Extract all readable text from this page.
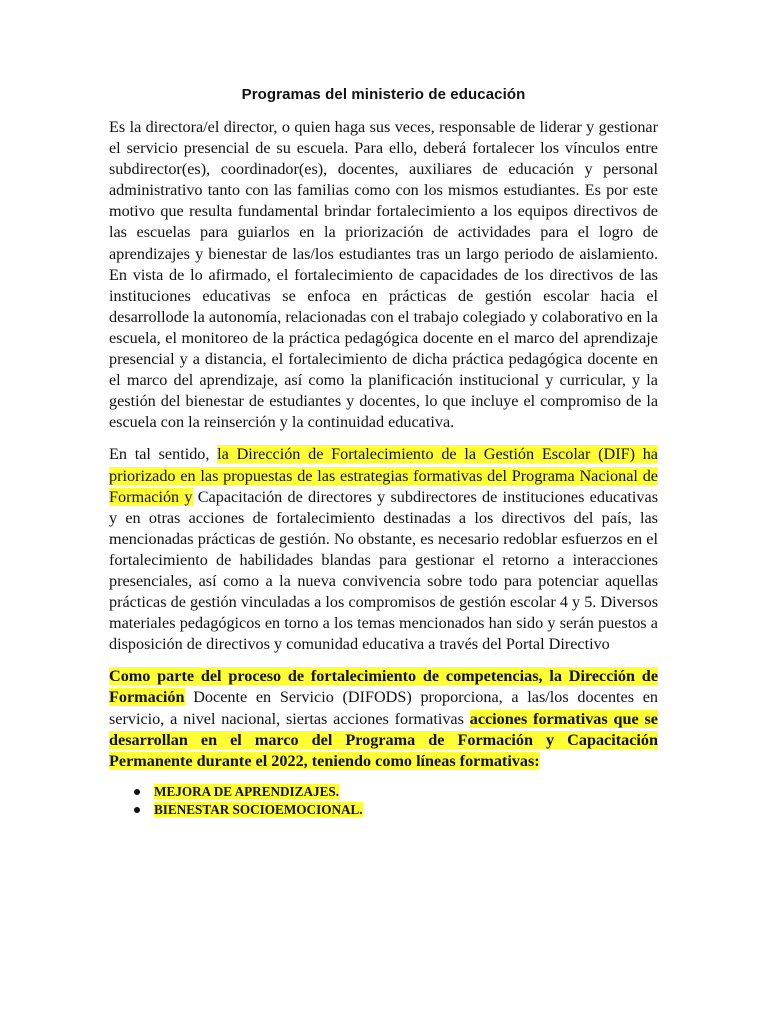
Programas del ministerio de educación

Es la directora/el director, o quien haga sus veces, responsable de liderar y gestionar el servicio presencial de su escuela. Para ello, deberá fortalecer los vínculos entre subdirector(es), coordinador(es), docentes, auxiliares de educación y personal administrativo tanto con las familias como con los mismos estudiantes. Es por este motivo que resulta fundamental brindar fortalecimiento a los equipos directivos de las escuelas para guiarlos en la priorización de actividades para el logro de aprendizajes y bienestar de las/los estudiantes tras un largo periodo de aislamiento. En vista de lo afirmado, el fortalecimiento de capacidades de los directivos de las instituciones educativas se enfoca en prácticas de gestión escolar hacia el desarrollode la autonomía, relacionadas con el trabajo colegiado y colaborativo en la escuela, el monitoreo de la práctica pedagógica docente en el marco del aprendizaje presencial y a distancia, el fortalecimiento de dicha práctica pedagógica docente en el marco del aprendizaje, así como la planificación institucional y curricular, y la gestión del bienestar de estudiantes y docentes, lo que incluye el compromiso de la escuela con la reinserción y la continuidad educativa.

En tal sentido, la Dirección de Fortalecimiento de la Gestión Escolar (DIF) ha priorizado en las propuestas de las estrategias formativas del Programa Nacional de Formación y Capacitación de directores y subdirectores de instituciones educativas y en otras acciones de fortalecimiento destinadas a los directivos del país, las mencionadas prácticas de gestión. No obstante, es necesario redoblar esfuerzos en el fortalecimiento de habilidades blandas para gestionar el retorno a interacciones presenciales, así como a la nueva convivencia sobre todo para potenciar aquellas prácticas de gestión vinculadas a los compromisos de gestión escolar 4 y 5. Diversos materiales pedagógicos en torno a los temas mencionados han sido y serán puestos a disposición de directivos y comunidad educativa a través del Portal Directivo

Como parte del proceso de fortalecimiento de competencias, la Dirección de Formación Docente en Servicio (DIFODS) proporciona, a las/los docentes en servicio, a nivel nacional, siertas acciones formativas acciones formativas que se desarrollan en el marco del Programa de Formación y Capacitación Permanente durante el 2022, teniendo como líneas formativas:

MEJORA DE APRENDIZAJES.
BIENESTAR SOCIOEMOCIONAL.
